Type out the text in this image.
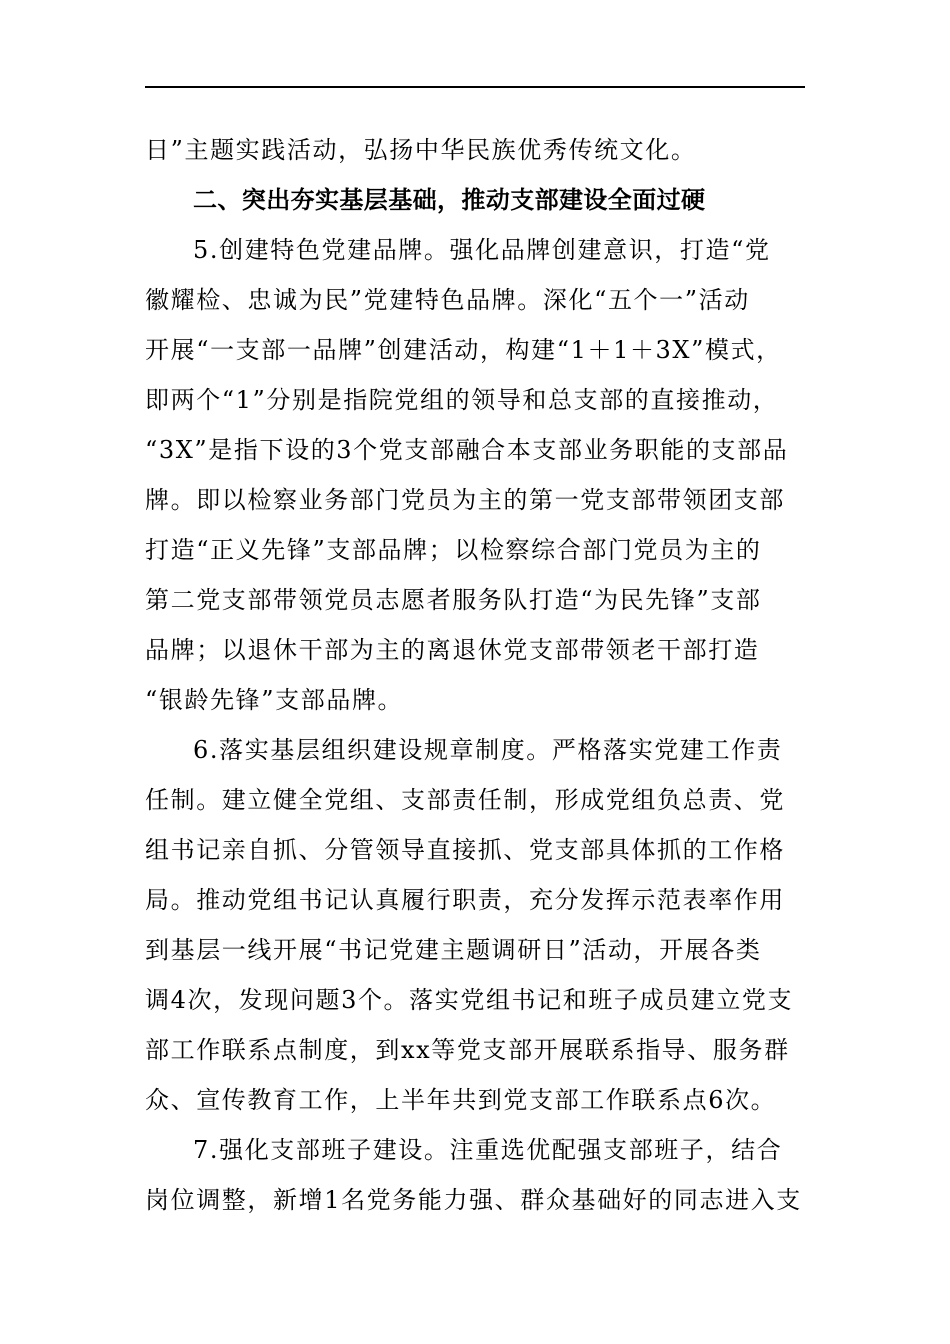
日”主题实践活动，弘扬中华民族优秀传统文化。
二、突出夯实基层基础，推动支部建设全面过硬
5.创建特色党建品牌。强化品牌创建意识，打造“党
徽耀检、忠诚为民”党建特色品牌。深化“五个一”活动
开展“一支部一品牌”创建活动，构建“1＋1＋3X”模式，
即两个“1”分别是指院党组的领导和总支部的直接推动，
“3X”是指下设的3个党支部融合本支部业务职能的支部品
牌。即以检察业务部门党员为主的第一党支部带领团支部
打造“正义先锋”支部品牌；以检察综合部门党员为主的
第二党支部带领党员志愿者服务队打造“为民先锋”支部
品牌；以退休干部为主的离退休党支部带领老干部打造
“银龄先锋”支部品牌。
6.落实基层组织建设规章制度。严格落实党建工作责
任制。建立健全党组、支部责任制，形成党组负总责、党
组书记亲自抓、分管领导直接抓、党支部具体抓的工作格
局。推动党组书记认真履行职责，充分发挥示范表率作用
到基层一线开展“书记党建主题调研日”活动，开展各类
调4次，发现问题3个。落实党组书记和班子成员建立党支
部工作联系点制度，到xx等党支部开展联系指导、服务群
众、宣传教育工作，上半年共到党支部工作联系点6次。
7.强化支部班子建设。注重选优配强支部班子，结合
岗位调整，新增1名党务能力强、群众基础好的同志进入支
